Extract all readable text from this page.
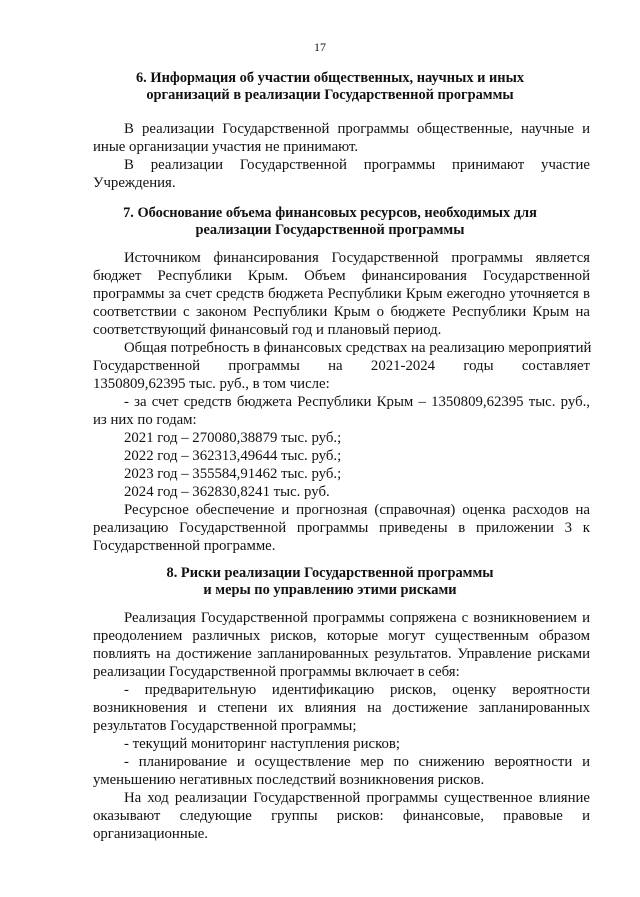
17
6. Информация об участии общественных, научных и иных
организаций в реализации Государственной программы
В реализации Государственной программы общественные, научные и
иные организации участия не принимают.
В реализации Государственной программы принимают участие
Учреждения.
7. Обоснование объема финансовых ресурсов, необходимых для
реализации Государственной программы
Источником финансирования Государственной программы является
бюджет Республики Крым. Объем финансирования Государственной
программы за счет средств бюджета Республики Крым ежегодно уточняется в
соответствии с законом Республики Крым о бюджете Республики Крым на
соответствующий финансовый год и плановый период.
Общая потребность в финансовых средствах на реализацию мероприятий
Государственной программы на 2021-2024 годы составляет
1350809,62395 тыс. руб., в том числе:
- за счет средств бюджета Республики Крым – 1350809,62395 тыс. руб.,
из них по годам:
2021 год – 270080,38879 тыс. руб.;
2022 год – 362313,49644 тыс. руб.;
2023 год – 355584,91462 тыс. руб.;
2024 год – 362830,8241 тыс. руб.
Ресурсное обеспечение и прогнозная (справочная) оценка расходов на
реализацию Государственной программы приведены в приложении 3 к
Государственной программе.
8. Риски реализации Государственной программы
и меры по управлению этими рисками
Реализация Государственной программы сопряжена с возникновением и
преодолением различных рисков, которые могут существенным образом
повлиять на достижение запланированных результатов. Управление рисками
реализации Государственной программы включает в себя:
- предварительную идентификацию рисков, оценку вероятности
возникновения и степени их влияния на достижение запланированных
результатов Государственной программы;
- текущий мониторинг наступления рисков;
- планирование и осуществление мер по снижению вероятности и
уменьшению негативных последствий возникновения рисков.
На ход реализации Государственной программы существенное влияние
оказывают следующие группы рисков: финансовые, правовые и
организационные.
